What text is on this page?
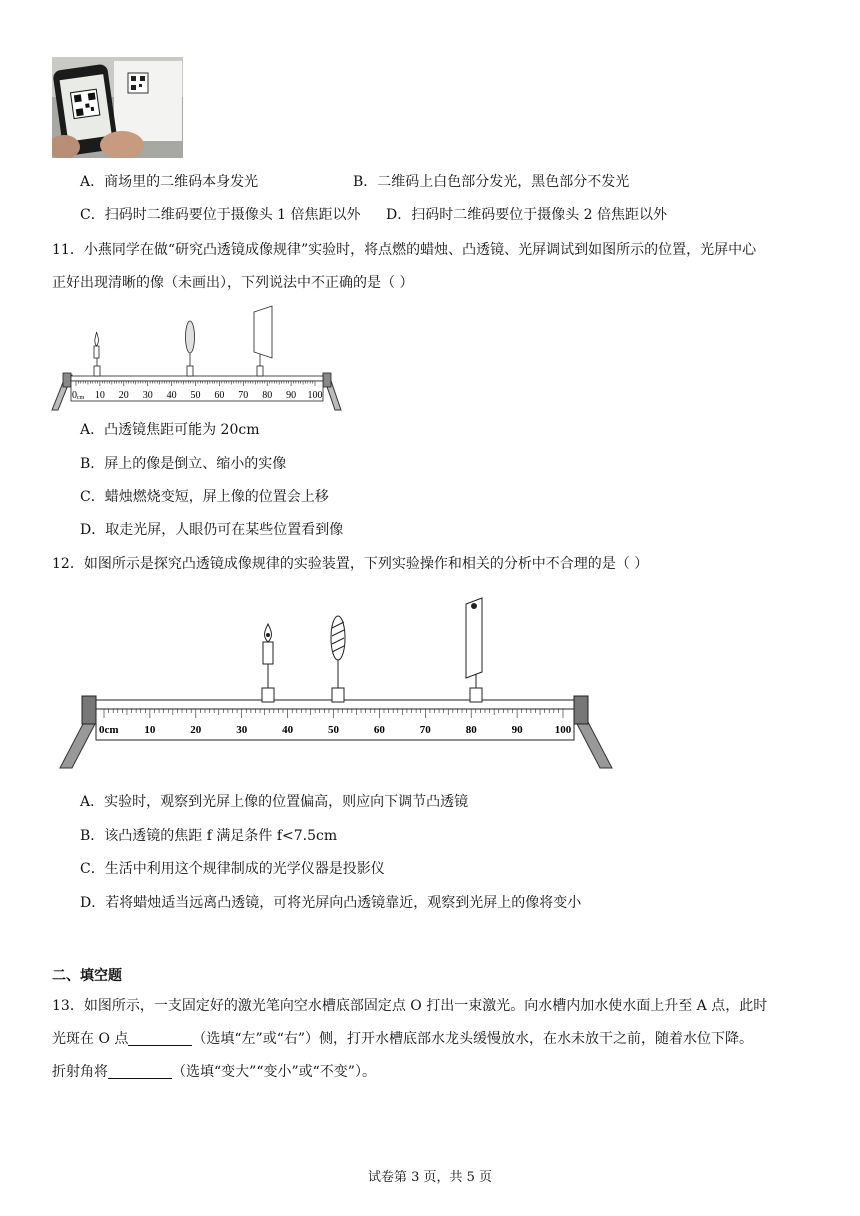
A．商场里的二维码本身发光	B．二维码上白色部分发光，黑色部分不发光
C．扫码时二维码要位于摄像头 1 倍焦距以外 D．扫码时二维码要位于摄像头 2 倍焦距以外
11．小燕同学在做“研究凸透镜成像规律”实验时，将点燃的蜡烛、凸透镜、光屏调试到如图所示的位置，光屏中心
正好出现清晰的像（未画出），下列说法中不正确的是（ ）
0 cm 10 20 30 40 50 60 70 80 90 100
A．凸透镜焦距可能为 20cm
B．屏上的像是倒立、缩小的实像
C．蜡烛燃烧变短，屏上像的位置会上移
D．取走光屏，人眼仍可在某些位置看到像
12．如图所示是探究凸透镜成像规律的实验装置，下列实验操作和相关的分析中不合理的是（ ）
0cm 10	20	30	40	50	60	70	80	90	100
A．实验时，观察到光屏上像的位置偏高，则应向下调节凸透镜
B．该凸透镜的焦距 f 满足条件 f<7.5cm
C．生活中利用这个规律制成的光学仪器是投影仪
D．若将蜡烛适当远离凸透镜，可将光屏向凸透镜靠近，观察到光屏上的像将变小
二、填空题
13．如图所示，一支固定好的激光笔向空水槽底部固定点 O 打出一束激光。向水槽内加水使水面上升至 A 点，此时
光斑在 O 点	（选填“左”或“右”）侧，打开水槽底部水龙头缓慢放水，在水未放干之前，随着水位下降。
折射角将	（选填“变大”“变小”或“不变”）。
试卷第 3 页，共 5 页
